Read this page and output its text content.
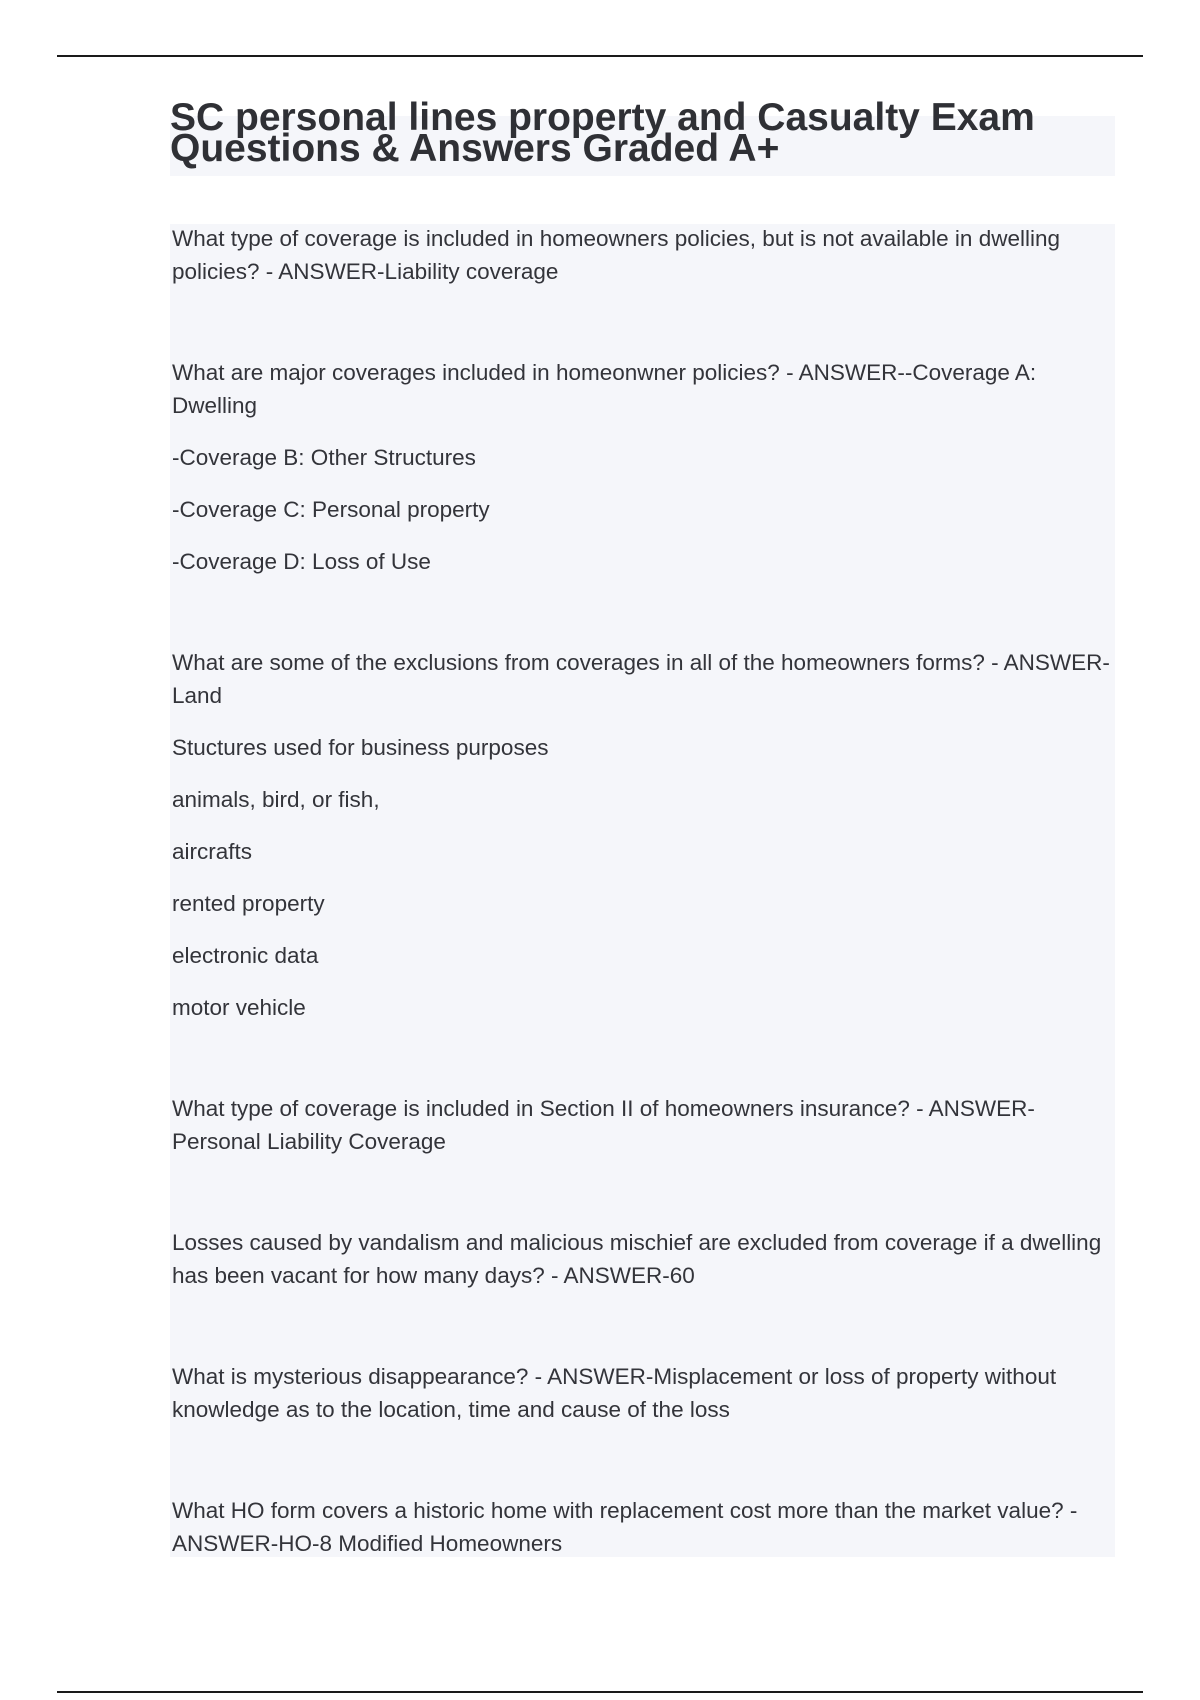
SC personal lines property and Casualty Exam Questions & Answers Graded A+

What type of coverage is included in homeowners policies, but is not available in dwelling policies? - ANSWER-Liability coverage

What are major coverages included in homeonwner policies? - ANSWER--Coverage A: Dwelling

-Coverage B: Other Structures

-Coverage C: Personal property

-Coverage D: Loss of Use

What are some of the exclusions from coverages in all of the homeowners forms? - ANSWER-Land

Stuctures used for business purposes

animals, bird, or fish,

aircrafts

rented property

electronic data

motor vehicle

What type of coverage is included in Section II of homeowners insurance? - ANSWER-Personal Liability Coverage

Losses caused by vandalism and malicious mischief are excluded from coverage if a dwelling has been vacant for how many days? - ANSWER-60

What is mysterious disappearance? - ANSWER-Misplacement or loss of property without knowledge as to the location, time and cause of the loss

What HO form covers a historic home with replacement cost more than the market value? - ANSWER-HO-8 Modified Homeowners
